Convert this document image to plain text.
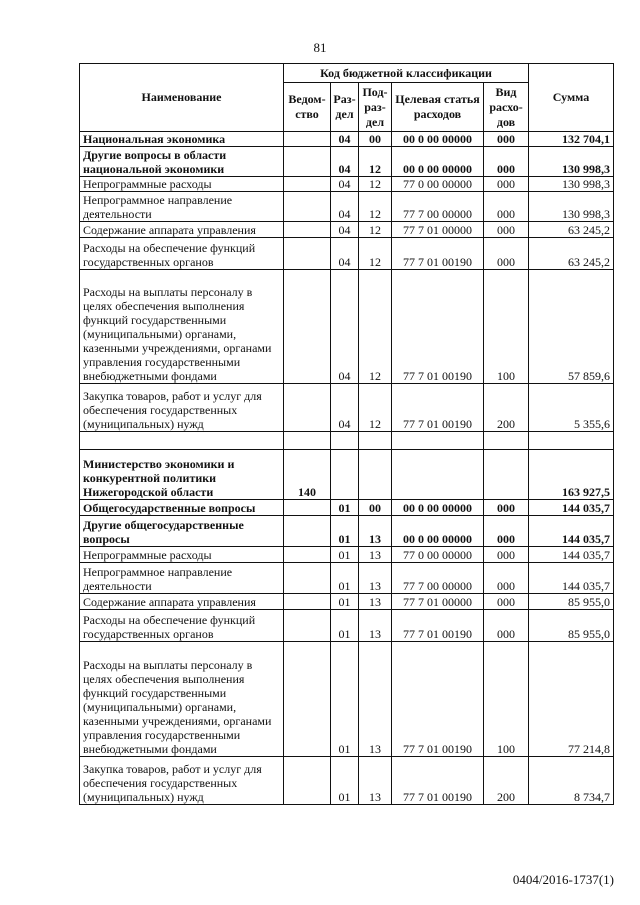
81
Наименование	Код бюджетной классификации					Сумма
	Ведом-ство	Раз-дел	Под-раз-дел	Целевая статья расходов	Вид расхо-дов	
Национальная экономика		04	00	00 0 00 00000	000	132 704,1
Другие вопросы в области национальной экономики		04	12	00 0 00 00000	000	130 998,3
Непрограммные расходы		04	12	77 0 00 00000	000	130 998,3
Непрограммное направление деятельности		04	12	77 7 00 00000	000	130 998,3
Содержание аппарата управления		04	12	77 7 01 00000	000	63 245,2
Расходы на обеспечение функций государственных органов		04	12	77 7 01 00190	000	63 245,2
Расходы на выплаты персоналу в целях обеспечения выполнения функций государственными (муниципальными) органами, казенными учреждениями, органами управления государственными внебюджетными фондами		04	12	77 7 01 00190	100	57 859,6
Закупка товаров, работ и услуг для обеспечения государственных (муниципальных) нужд		04	12	77 7 01 00190	200	5 355,6

Министерство экономики и конкурентной политики Нижегородской области	140					163 927,5
Общегосударственные вопросы		01	00	00 0 00 00000	000	144 035,7
Другие общегосударственные вопросы		01	13	00 0 00 00000	000	144 035,7
Непрограммные расходы		01	13	77 0 00 00000	000	144 035,7
Непрограммное направление деятельности		01	13	77 7 00 00000	000	144 035,7
Содержание аппарата управления		01	13	77 7 01 00000	000	85 955,0
Расходы на обеспечение функций государственных органов		01	13	77 7 01 00190	000	85 955,0
Расходы на выплаты персоналу в целях обеспечения выполнения функций государственными (муниципальными) органами, казенными учреждениями, органами управления государственными внебюджетными фондами		01	13	77 7 01 00190	100	77 214,8
Закупка товаров, работ и услуг для обеспечения государственных (муниципальных) нужд		01	13	77 7 01 00190	200	8 734,7
0404/2016-1737(1)
